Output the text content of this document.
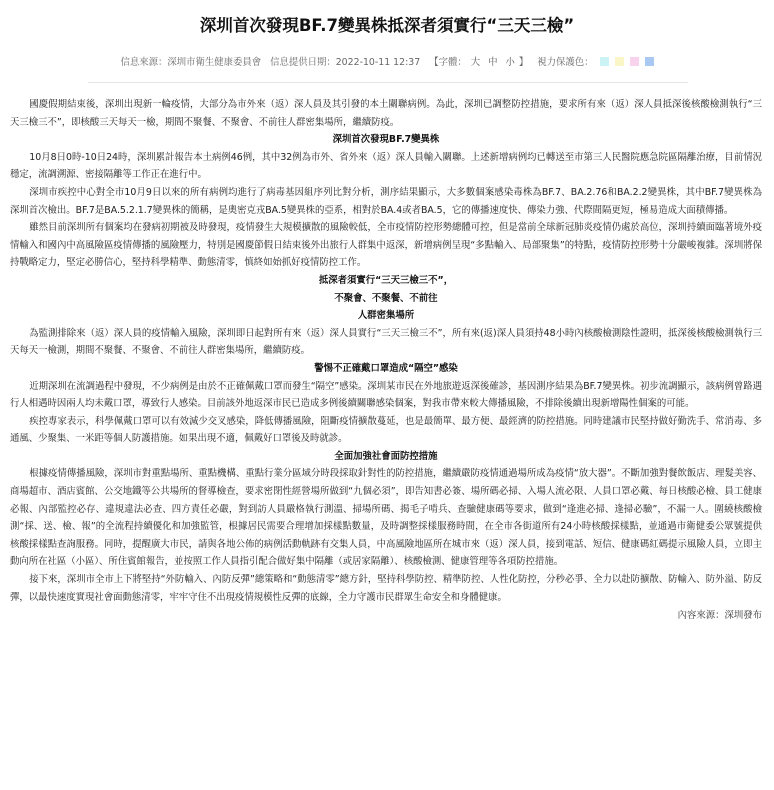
深圳首次發現BF.7變異株抵深者須實行“三天三檢”
信息來源：深圳市衛生健康委員會 信息提供日期：2022-10-11 12:37 【字體： 大 中 小 】 視力保護色：

國慶假期結束後，深圳出現新一輪疫情，大部分為市外來（返）深人員及其引發的本土關聯病例。為此，深圳已調整防控措施，要求所有來（返）深人員抵深後核酸檢測執行“三天三檢三不”，即核酸三天每天一檢，期間不聚餐、不聚會、不前往人群密集場所，繼續防疫。

深圳首次發現BF.7變異株

10月8日0時-10日24時，深圳累計報告本土病例46例，其中32例為市外、省外來（返）深人員輸入關聯。上述新增病例均已轉送至市第三人民醫院應急院區隔離治療，目前情況穩定，流調溯源、密接隔離等工作正在進行中。

深圳市疾控中心對全市10月9日以來的所有病例均進行了病毒基因組序列比對分析，測序結果顯示，大多數個案感染毒株為BF.7、BA.2.76和BA.2.2變異株，其中BF.7變異株為深圳首次檢出。BF.7是BA.5.2.1.7變異株的簡稱，是奧密克戎BA.5變異株的亞系，相對於BA.4或者BA.5，它的傳播速度快、傳染力強、代際間隔更短，極易造成大面積傳播。

雖然目前深圳所有個案均在發病初期被及時發現，疫情發生大規模擴散的風險較低，全市疫情防控形勢總體可控，但是當前全球新冠肺炎疫情仍處於高位，深圳持續面臨著境外疫情輸入和國內中高風險區疫情傳播的風險壓力，特別是國慶節假日結束後外出旅行人群集中返深，新增病例呈現“多點輸入、局部聚集”的特點，疫情防控形勢十分嚴峻複雜。深圳將保持戰略定力，堅定必勝信心，堅持科學精準、動態清零，慎終如始抓好疫情防控工作。

抵深者須實行“三天三檢三不”，
不聚會、不聚餐、不前往
人群密集場所

為監測排除來（返）深人員的疫情輸入風險，深圳即日起對所有來（返）深人員實行“三天三檢三不”，所有來(返)深人員須持48小時內核酸檢測陰性證明，抵深後核酸檢測執行三天每天一檢測，期間不聚餐、不聚會、不前往人群密集場所，繼續防疫。

警惕不正確戴口罩造成“隔空”感染

近期深圳在流調過程中發現，不少病例是由於不正確佩戴口罩而發生“隔空”感染。深圳某市民在外地旅遊返深後確診，基因測序結果為BF.7變異株。初步流調顯示，該病例曾路遇行人相遇時因兩人均未戴口罩，導致行人感染。目前該外地返深市民已造成多例後續關聯感染個案，對我市帶來較大傳播風險，不排除後續出現新增陽性個案的可能。

疾控專家表示，科學佩戴口罩可以有效減少交叉感染，降低傳播風險，阻斷疫情擴散蔓延，也是最簡單、最方便、最經濟的防控措施。同時建議市民堅持做好勤洗手、常消毒、多通風、少聚集、一米距等個人防護措施。如果出現不適，佩戴好口罩後及時就診。

全面加強社會面防控措施

根據疫情傳播風險，深圳市對重點場所、重點機構、重點行業分區域分時段採取針對性的防控措施，繼續嚴防疫情通過場所成為疫情“放大器”。不斷加強對餐飲飯店、理髮美容、商場超市、酒店賓館、公交地鐵等公共場所的督導檢查，要求密閉性經營場所做到“九個必須”，即告知書必簽、場所碼必掃、入場人流必限、人員口罩必戴、每日核酸必檢、員工健康必報、內部監控必存、違規違法必查、四方責任必嚴，對到訪人員嚴格執行測溫、掃場所碼、揭毛子啃兵、查驗健康碼等要求，做到“逢進必掃、逢掃必驗”，不漏一人。圍繞核酸檢測“採、送、檢、報”的全流程持續優化和加強監管，根據居民需要合理增加採樣點數量，及時調整採樣服務時間，在全市各街道所有24小時核酸採樣點，並通過市衛健委公眾號提供核酸採樣點查詢服務。同時，提醒廣大市民，請與各地公佈的病例活動軌跡有交集人員，中高風險地區所在城市來（返）深人員，接到電話、短信、健康碼紅碼提示風險人員，立即主動向所在社區（小區）、所住賓館報告，並按照工作人員指引配合做好集中隔離（或居家隔離）、核酸檢測、健康管理等各項防控措施。

接下來，深圳市全市上下將堅持“外防輸入、內防反彈”總策略和“動態清零”總方針，堅持科學防控、精準防控、人性化防控，分秒必爭、全力以赴防擴散、防輸入、防外溢、防反彈，以最快速度實現社會面動態清零，牢牢守住不出現疫情規模性反彈的底線，全力守護市民群眾生命安全和身體健康。

內容來源：深圳發布
